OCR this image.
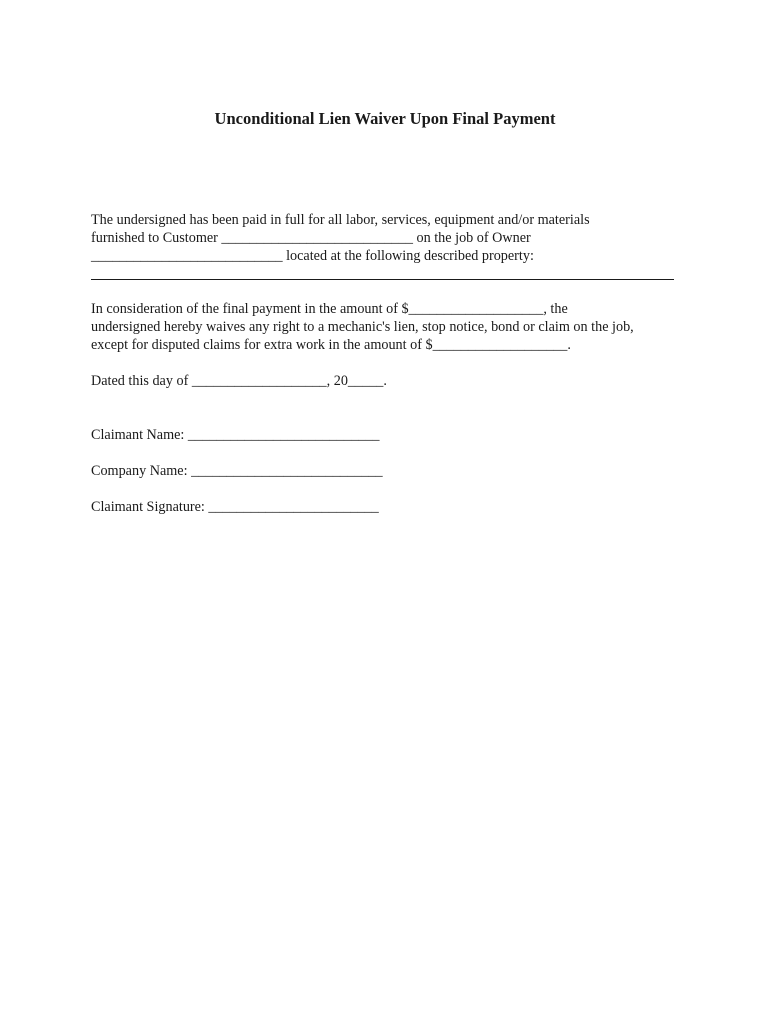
Unconditional Lien Waiver Upon Final Payment
The undersigned has been paid in full for all labor, services, equipment and/or materials
furnished to Customer ___________________________ on the job of Owner
___________________________ located at the following described property:
In consideration of the final payment in the amount of $___________________, the
undersigned hereby waives any right to a mechanic's lien, stop notice, bond or claim on the job,
except for disputed claims for extra work in the amount of $___________________.
Dated this day of ___________________, 20_____.
Claimant Name: ___________________________
Company Name: ___________________________
Claimant Signature: ________________________
